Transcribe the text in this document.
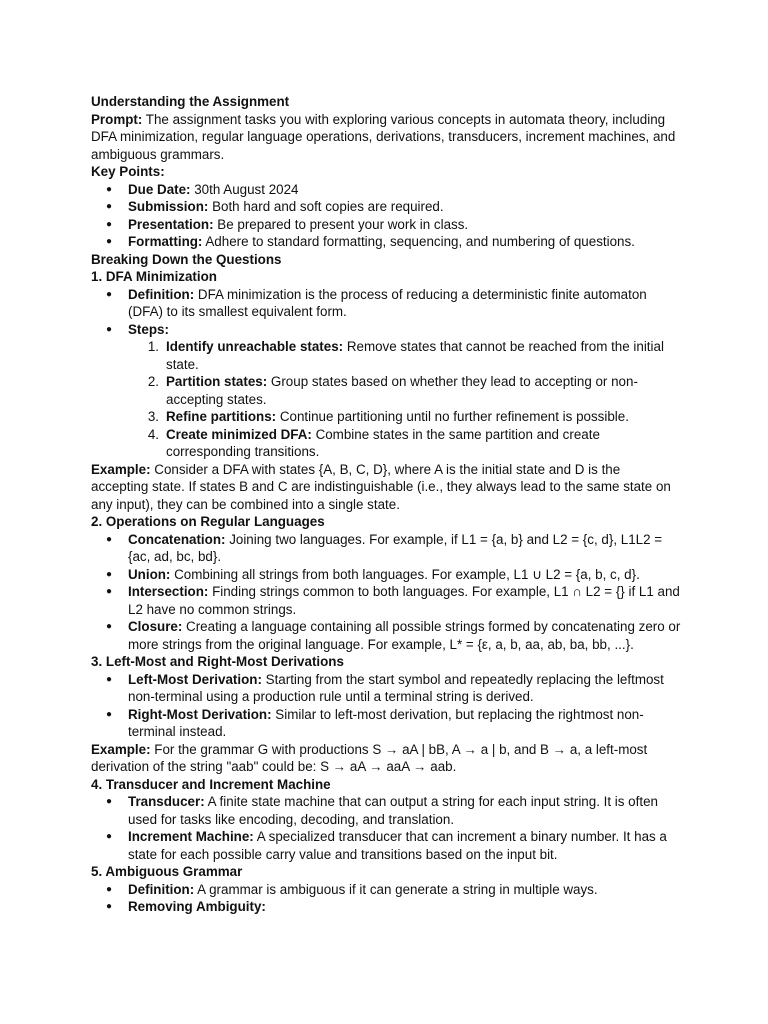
Understanding the Assignment

Prompt: The assignment tasks you with exploring various concepts in automata theory, including DFA minimization, regular language operations, derivations, transducers, increment machines, and ambiguous grammars.

Key Points:

● Due Date: 30th August 2024
● Submission: Both hard and soft copies are required.
● Presentation: Be prepared to present your work in class.
● Formatting: Adhere to standard formatting, sequencing, and numbering of questions.

Breaking Down the Questions

1. DFA Minimization

● Definition: DFA minimization is the process of reducing a deterministic finite automaton (DFA) to its smallest equivalent form.
● Steps:
1. Identify unreachable states: Remove states that cannot be reached from the initial state.
2. Partition states: Group states based on whether they lead to accepting or non-accepting states.
3. Refine partitions: Continue partitioning until no further refinement is possible.
4. Create minimized DFA: Combine states in the same partition and create corresponding transitions.

Example: Consider a DFA with states {A, B, C, D}, where A is the initial state and D is the accepting state. If states B and C are indistinguishable (i.e., they always lead to the same state on any input), they can be combined into a single state.

2. Operations on Regular Languages

● Concatenation: Joining two languages. For example, if L1 = {a, b} and L2 = {c, d}, L1L2 = {ac, ad, bc, bd}.
● Union: Combining all strings from both languages. For example, L1 ∪ L2 = {a, b, c, d}.
● Intersection: Finding strings common to both languages. For example, L1 ∩ L2 = {} if L1 and L2 have no common strings.
● Closure: Creating a language containing all possible strings formed by concatenating zero or more strings from the original language. For example, L* = {ε, a, b, aa, ab, ba, bb, ...}.

3. Left-Most and Right-Most Derivations

● Left-Most Derivation: Starting from the start symbol and repeatedly replacing the leftmost non-terminal using a production rule until a terminal string is derived.
● Right-Most Derivation: Similar to left-most derivation, but replacing the rightmost non-terminal instead.

Example: For the grammar G with productions S → aA | bB, A → a | b, and B → a, a left-most derivation of the string "aab" could be: S → aA → aaA → aab.

4. Transducer and Increment Machine

● Transducer: A finite state machine that can output a string for each input string. It is often used for tasks like encoding, decoding, and translation.
● Increment Machine: A specialized transducer that can increment a binary number. It has a state for each possible carry value and transitions based on the input bit.

5. Ambiguous Grammar

● Definition: A grammar is ambiguous if it can generate a string in multiple ways.
● Removing Ambiguity:
